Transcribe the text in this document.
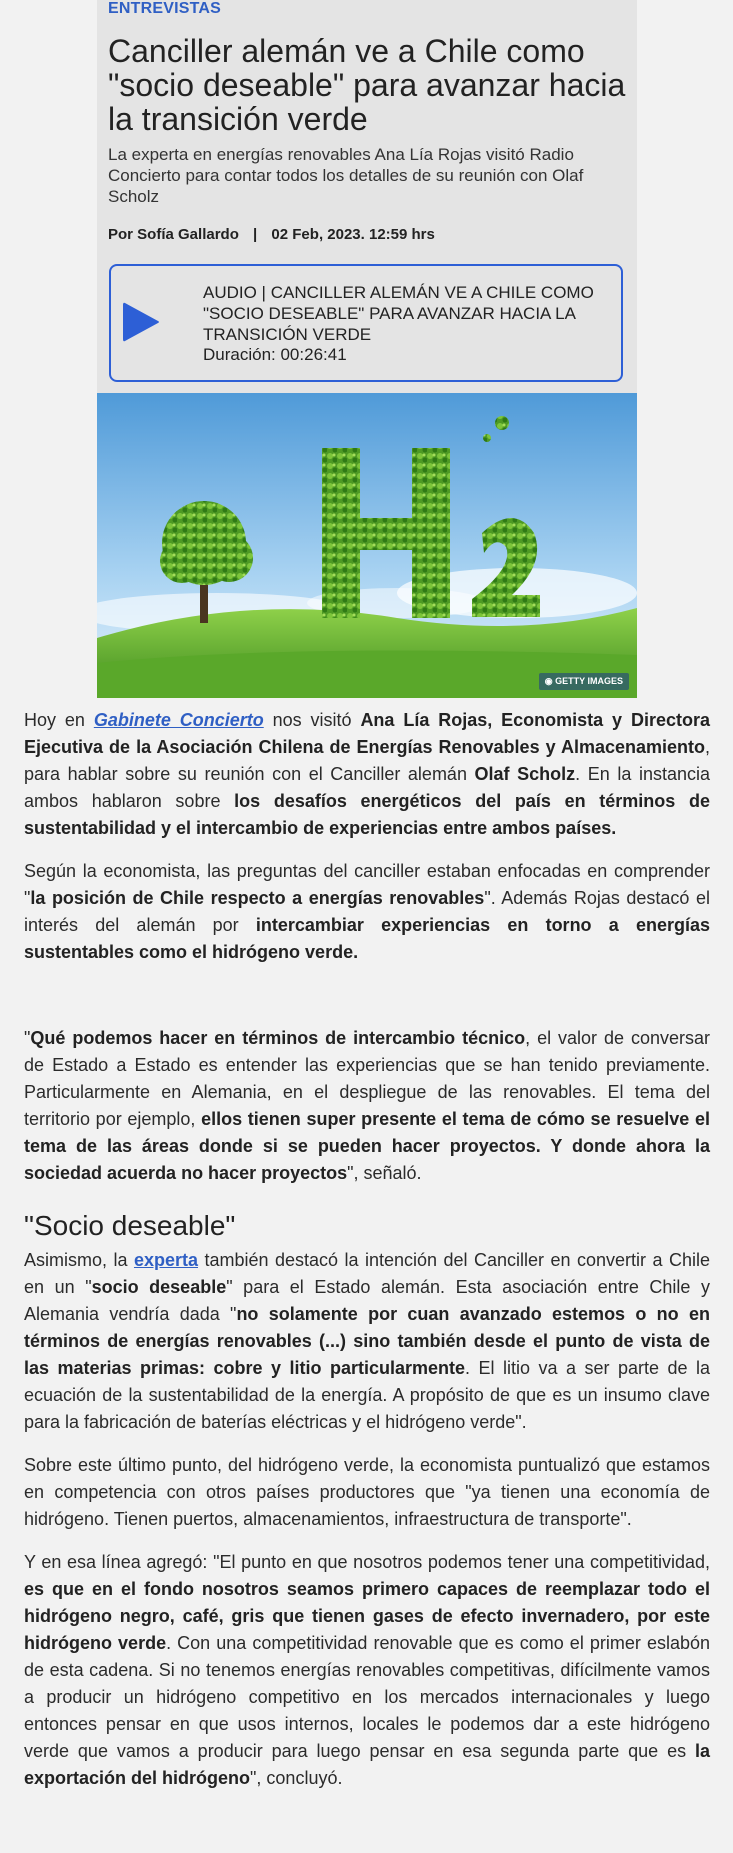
ENTREVISTAS
Canciller alemán ve a Chile como "socio deseable" para avanzar hacia la transición verde

La experta en energías renovables Ana Lía Rojas visitó Radio Concierto para contar todos los detalles de su reunión con Olaf Scholz

Por Sofía Gallardo | 02 Feb, 2023. 12:59 hrs
AUDIO | CANCILLER ALEMÁN VE A CHILE COMO "SOCIO DESEABLE" PARA AVANZAR HACIA LA TRANSICIÓN VERDE
Duración: 00:26:41
◉ GETTY IMAGES

Hoy en Gabinete Concierto nos visitó Ana Lía Rojas, Economista y Directora Ejecutiva de la Asociación Chilena de Energías Renovables y Almacenamiento, para hablar sobre su reunión con el Canciller alemán Olaf Scholz. En la instancia ambos hablaron sobre los desafíos energéticos del país en términos de sustentabilidad y el intercambio de experiencias entre ambos países.

Según la economista, las preguntas del canciller estaban enfocadas en comprender "la posición de Chile respecto a energías renovables". Además Rojas destacó el interés del alemán por intercambiar experiencias en torno a energías sustentables como el hidrógeno verde.

"Qué podemos hacer en términos de intercambio técnico, el valor de conversar de Estado a Estado es entender las experiencias que se han tenido previamente. Particularmente en Alemania, en el despliegue de las renovables. El tema del territorio por ejemplo, ellos tienen super presente el tema de cómo se resuelve el tema de las áreas donde si se pueden hacer proyectos. Y donde ahora la sociedad acuerda no hacer proyectos", señaló.

"Socio deseable"

Asimismo, la experta también destacó la intención del Canciller en convertir a Chile en un "socio deseable" para el Estado alemán. Esta asociación entre Chile y Alemania vendría dada "no solamente por cuan avanzado estemos o no en términos de energías renovables (...) sino también desde el punto de vista de las materias primas: cobre y litio particularmente. El litio va a ser parte de la ecuación de la sustentabilidad de la energía. A propósito de que es un insumo clave para la fabricación de baterías eléctricas y el hidrógeno verde".

Sobre este último punto, del hidrógeno verde, la economista puntualizó que estamos en competencia con otros países productores que "ya tienen una economía de hidrógeno. Tienen puertos, almacenamientos, infraestructura de transporte".

Y en esa línea agregó: "El punto en que nosotros podemos tener una competitividad, es que en el fondo nosotros seamos primero capaces de reemplazar todo el hidrógeno negro, café, gris que tienen gases de efecto invernadero, por este hidrógeno verde. Con una competitividad renovable que es como el primer eslabón de esta cadena. Si no tenemos energías renovables competitivas, difícilmente vamos a producir un hidrógeno competitivo en los mercados internacionales y luego entonces pensar en que usos internos, locales le podemos dar a este hidrógeno verde que vamos a producir para luego pensar en esa segunda parte que es la exportación del hidrógeno", concluyó.
